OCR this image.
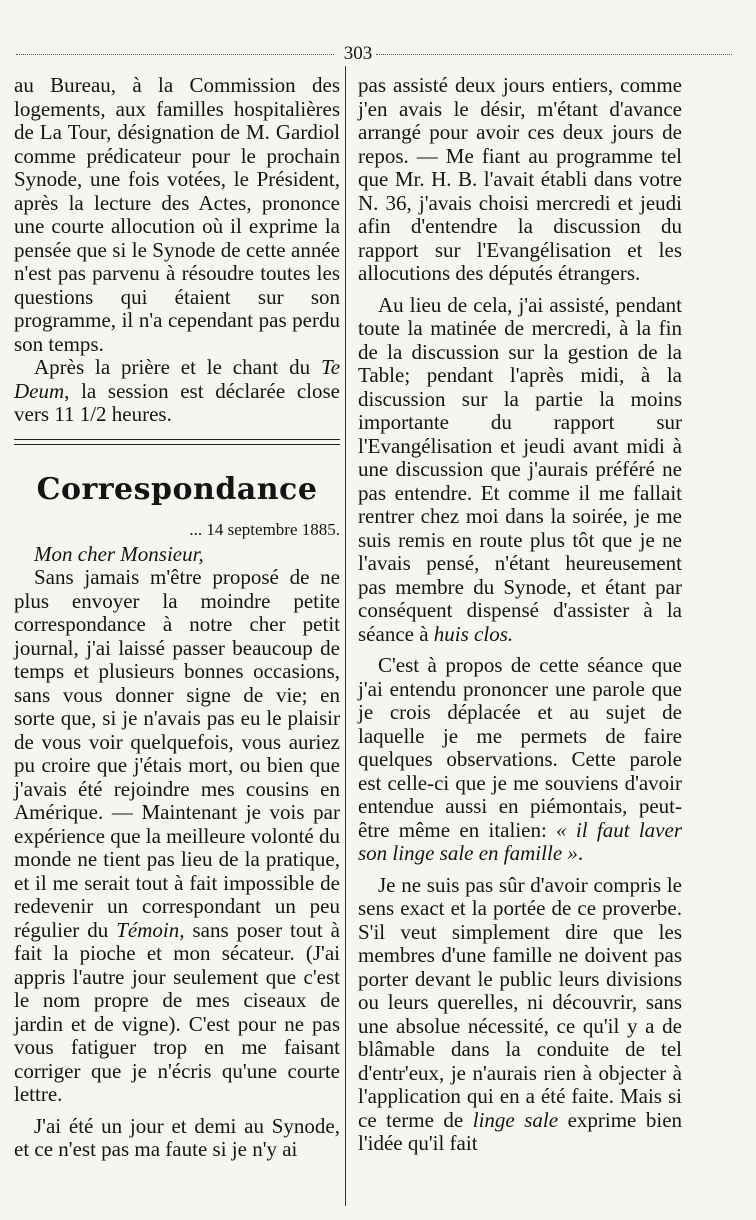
303

au Bureau, à la Commission des logements, aux familles hospitalières de La Tour, désignation de M. Gardiol comme prédicateur pour le prochain Synode, une fois votées, le Président, après la lecture des Actes, prononce une courte allocution où il exprime la pensée que si le Synode de cette année n'est pas parvenu à résoudre toutes les questions qui étaient sur son programme, il n'a cependant pas perdu son temps.

Après la prière et le chant du Te Deum, la session est déclarée close vers 11 1/2 heures.

Correspondance
... 14 septembre 1885.

Mon cher Monsieur,

Sans jamais m'être proposé de ne plus envoyer la moindre petite correspondance à notre cher petit journal, j'ai laissé passer beaucoup de temps et plusieurs bonnes occasions, sans vous donner signe de vie; en sorte que, si je n'avais pas eu le plaisir de vous voir quelquefois, vous auriez pu croire que j'étais mort, ou bien que j'avais été rejoindre mes cousins en Amérique. — Maintenant je vois par expérience que la meilleure volonté du monde ne tient pas lieu de la pratique, et il me serait tout à fait impossible de redevenir un correspondant un peu régulier du Témoin, sans poser tout à fait la pioche et mon sécateur. (J'ai appris l'autre jour seulement que c'est le nom propre de mes ciseaux de jardin et de vigne). C'est pour ne pas vous fatiguer trop en me faisant corriger que je n'écris qu'une courte lettre.

J'ai été un jour et demi au Synode, et ce n'est pas ma faute si je n'y ai

pas assisté deux jours entiers, comme j'en avais le désir, m'étant d'avance arrangé pour avoir ces deux jours de repos. — Me fiant au programme tel que Mr. H. B. l'avait établi dans votre N. 36, j'avais choisi mercredi et jeudi afin d'entendre la discussion du rapport sur l'Evangélisation et les allocutions des députés étrangers.

Au lieu de cela, j'ai assisté, pendant toute la matinée de mercredi, à la fin de la discussion sur la gestion de la Table; pendant l'après midi, à la discussion sur la partie la moins importante du rapport sur l'Evangélisation et jeudi avant midi à une discussion que j'aurais préféré ne pas entendre. Et comme il me fallait rentrer chez moi dans la soirée, je me suis remis en route plus tôt que je ne l'avais pensé, n'étant heureusement pas membre du Synode, et étant par conséquent dispensé d'assister à la séance à huis clos.

C'est à propos de cette séance que j'ai entendu prononcer une parole que je crois déplacée et au sujet de laquelle je me permets de faire quelques observations. Cette parole est celle-ci que je me souviens d'avoir entendue aussi en piémontais, peut-être même en italien: « il faut laver son linge sale en famille ».

Je ne suis pas sûr d'avoir compris le sens exact et la portée de ce proverbe. S'il veut simplement dire que les membres d'une famille ne doivent pas porter devant le public leurs divisions ou leurs querelles, ni découvrir, sans une absolue nécessité, ce qu'il y a de blâmable dans la conduite de tel d'entr'eux, je n'aurais rien à objecter à l'application qui en a été faite. Mais si ce terme de linge sale exprime bien l'idée qu'il fait
